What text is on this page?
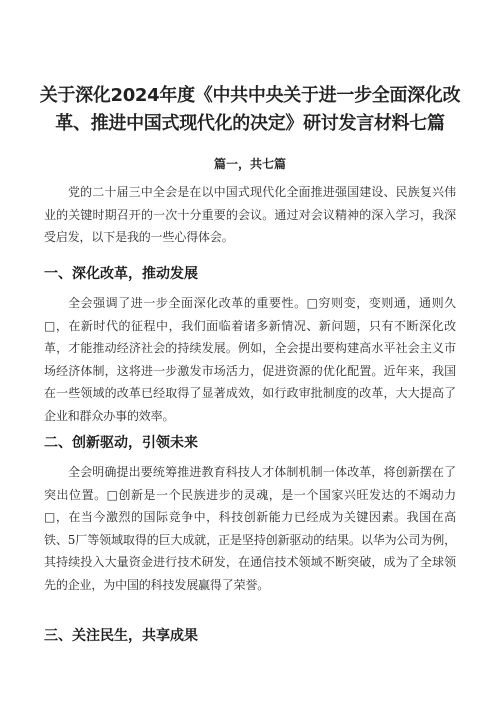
关于深化2024年度《中共中央关于进一步全面深化改
革、推进中国式现代化的决定》研讨发言材料七篇
篇一，共七篇

党的二十届三中全会是在以中国式现代化全面推进强国建设、民族复兴伟业的关键时期召开的一次十分重要的会议。通过对会议精神的深入学习，我深受启发，以下是我的一些心得体会。

一、深化改革，推动发展

全会强调了进一步全面深化改革的重要性。□穷则变，变则通，通则久□，在新时代的征程中，我们面临着诸多新情况、新问题，只有不断深化改革，才能推动经济社会的持续发展。例如，全会提出要构建高水平社会主义市场经济体制，这将进一步激发市场活力，促进资源的优化配置。近年来，我国在一些领域的改革已经取得了显著成效，如行政审批制度的改革，大大提高了企业和群众办事的效率。

二、创新驱动，引领未来

全会明确提出要统筹推进教育科技人才体制机制一体改革，将创新摆在了突出位置。□创新是一个民族进步的灵魂，是一个国家兴旺发达的不竭动力□，在当今激烈的国际竞争中，科技创新能力已经成为关键因素。我国在高铁、5厂等领域取得的巨大成就，正是坚持创新驱动的结果。以华为公司为例，其持续投入大量资金进行技术研发，在通信技术领域不断突破，成为了全球领先的企业，为中国的科技发展赢得了荣誉。

三、关注民生，共享成果
